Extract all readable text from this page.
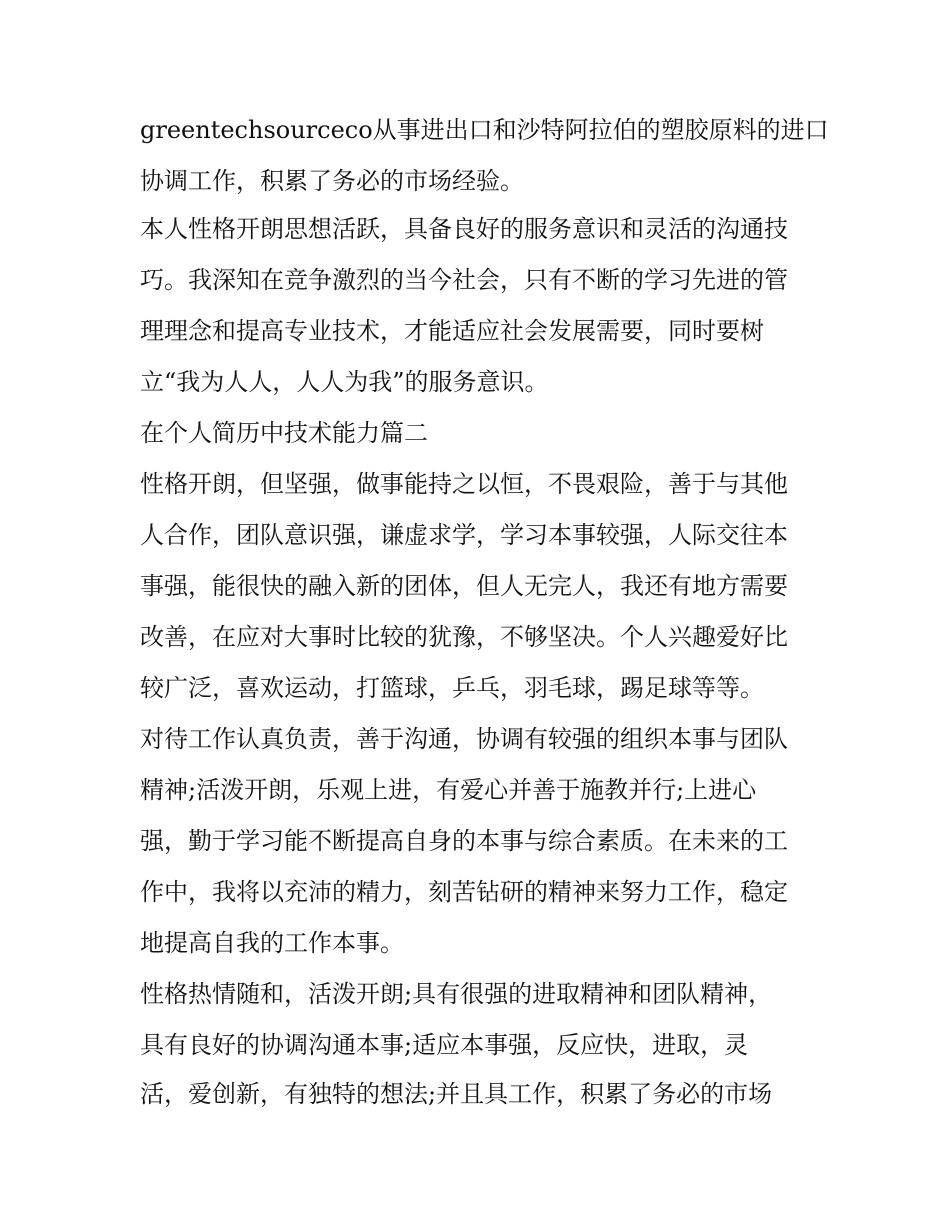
greentechsourceco从事进出口和沙特阿拉伯的塑胶原料的进口

协调工作，积累了务必的市场经验。

本人性格开朗思想活跃，具备良好的服务意识和灵活的沟通技

巧。我深知在竞争激烈的当今社会，只有不断的学习先进的管

理理念和提高专业技术，才能适应社会发展需要，同时要树

立“我为人人，人人为我”的服务意识。

在个人简历中技术能力篇二

性格开朗，但坚强，做事能持之以恒，不畏艰险，善于与其他

人合作，团队意识强，谦虚求学，学习本事较强，人际交往本

事强，能很快的融入新的团体，但人无完人，我还有地方需要

改善，在应对大事时比较的犹豫，不够坚决。个人兴趣爱好比

较广泛，喜欢运动，打篮球，乒乓，羽毛球，踢足球等等。

对待工作认真负责，善于沟通，协调有较强的组织本事与团队

精神;活泼开朗，乐观上进，有爱心并善于施教并行;上进心

强，勤于学习能不断提高自身的本事与综合素质。在未来的工

作中，我将以充沛的精力，刻苦钻研的精神来努力工作，稳定

地提高自我的工作本事。

性格热情随和，活泼开朗;具有很强的进取精神和团队精神，

具有良好的协调沟通本事;适应本事强，反应快，进取，灵

活，爱创新，有独特的想法;并且具工作，积累了务必的市场
